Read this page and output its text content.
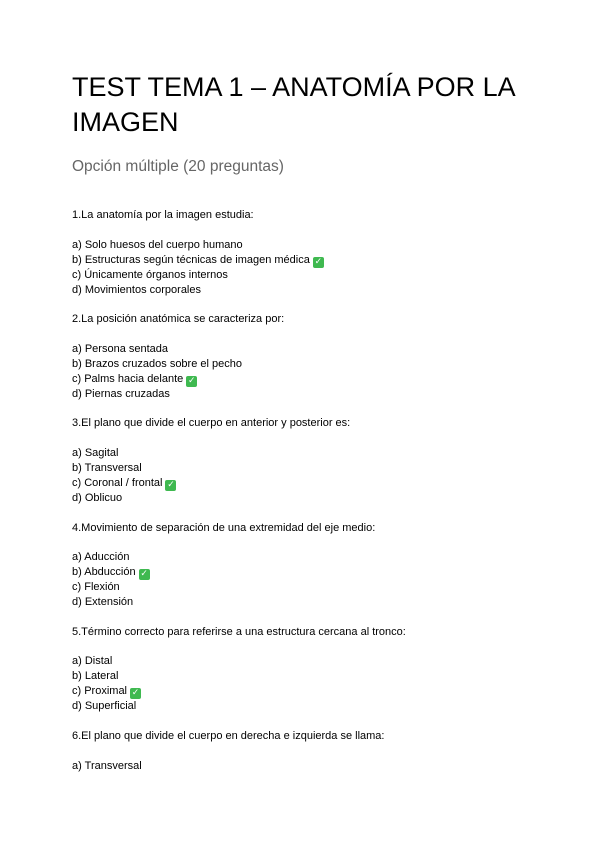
TEST TEMA 1 – ANATOMÍA POR LA IMAGEN

Opción múltiple (20 preguntas)

1.La anatomía por la imagen estudia:
a) Solo huesos del cuerpo humano
b) Estructuras según técnicas de imagen médica ✓
c) Únicamente órganos internos
d) Movimientos corporales
2.La posición anatómica se caracteriza por:
a) Persona sentada
b) Brazos cruzados sobre el pecho
c) Palms hacia delante ✓
d) Piernas cruzadas
3.El plano que divide el cuerpo en anterior y posterior es:
a) Sagital
b) Transversal
c) Coronal / frontal ✓
d) Oblicuo
4.Movimiento de separación de una extremidad del eje medio:
a) Aducción
b) Abducción ✓
c) Flexión
d) Extensión
5.Término correcto para referirse a una estructura cercana al tronco:
a) Distal
b) Lateral
c) Proximal ✓
d) Superficial
6.El plano que divide el cuerpo en derecha e izquierda se llama:
a) Transversal
